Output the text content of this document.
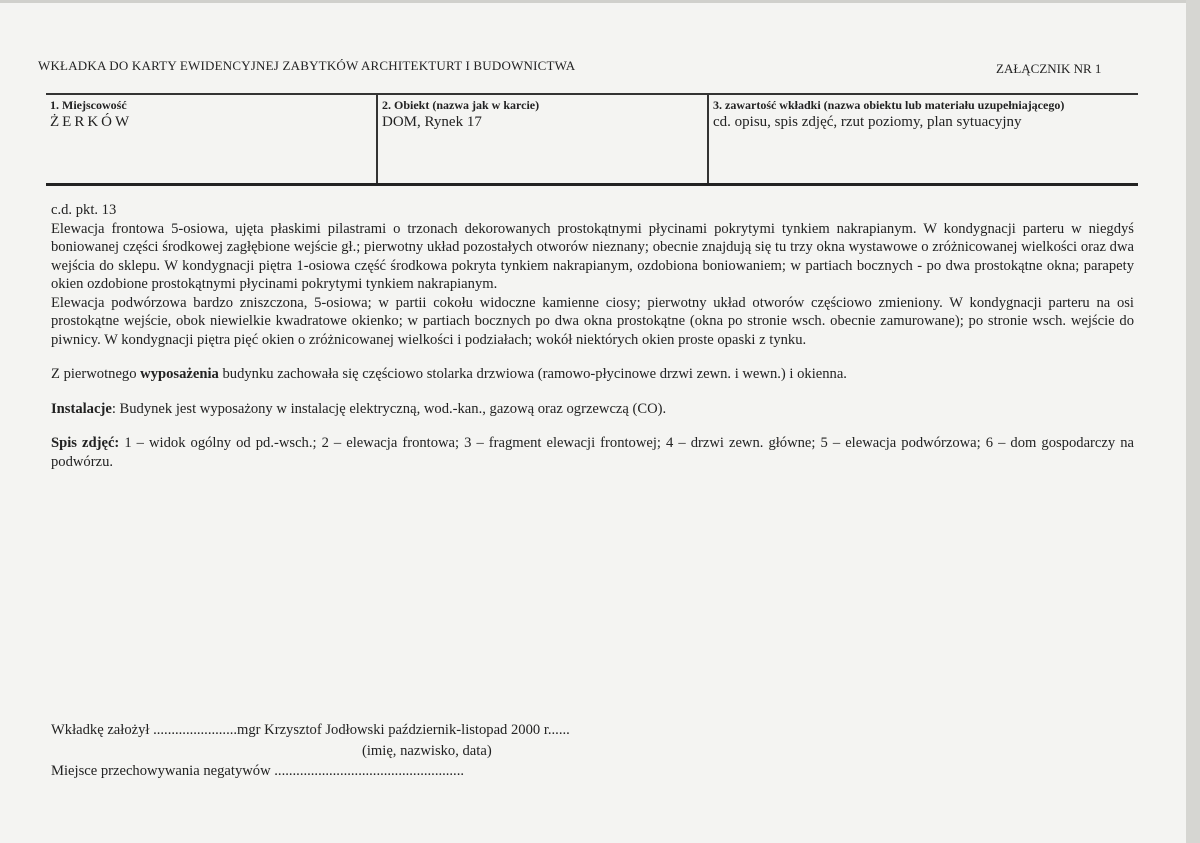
WKŁADKA DO KARTY EWIDENCYJNEJ ZABYTKÓW ARCHITEKTURT I BUDOWNICTWA	ZAŁĄCZNIK NR 1
1. Miejscowość
ŻERKÓW
2. Obiekt (nazwa jak w karcie)
DOM, Rynek 17
3. zawartość wkładki (nazwa obiektu lub materiału uzupełniającego)
cd. opisu, spis zdjęć, rzut poziomy, plan sytuacyjny

c.d. pkt. 13

Elewacja frontowa 5-osiowa, ujęta płaskimi pilastrami o trzonach dekorowanych prostokątnymi płycinami pokrytymi tynkiem nakrapianym. W kondygnacji parteru w niegdyś boniowanej części środkowej zagłębione wejście gł.; pierwotny układ pozostałych otworów nieznany; obecnie znajdują się tu trzy okna wystawowe o zróżnicowanej wielkości oraz dwa wejścia do sklepu. W kondygnacji piętra 1-osiowa część środkowa pokryta tynkiem nakrapianym, ozdobiona boniowaniem; w partiach bocznych - po dwa prostokątne okna; parapety okien ozdobione prostokątnymi płycinami pokrytymi tynkiem nakrapianym.

Elewacja podwórzowa bardzo zniszczona, 5-osiowa; w partii cokołu widoczne kamienne ciosy; pierwotny układ otworów częściowo zmieniony. W kondygnacji parteru na osi prostokątne wejście, obok niewielkie kwadratowe okienko; w partiach bocznych po dwa okna prostokątne (okna po stronie wsch. obecnie zamurowane); po stronie wsch. wejście do piwnicy. W kondygnacji piętra pięć okien o zróżnicowanej wielkości i podziałach; wokół niektórych okien proste opaski z tynku.

Z pierwotnego wyposażenia budynku zachowała się częściowo stolarka drzwiowa (ramowo-płycinowe drzwi zewn. i wewn.) i okienna.

Instalacje: Budynek jest wyposażony w instalację elektryczną, wod.-kan., gazową oraz ogrzewczą (CO).

Spis zdjęć: 1 – widok ogólny od pd.-wsch.; 2 – elewacja frontowa; 3 – fragment elewacji frontowej; 4 – drzwi zewn. główne; 5 – elewacja podwórzowa; 6 – dom gospodarczy na podwórzu.

Wkładkę założył .......................mgr Krzysztof Jodłowski październik-listopad 2000 r......
(imię, nazwisko, data)
Miejsce przechowywania negatywów ....................................................
